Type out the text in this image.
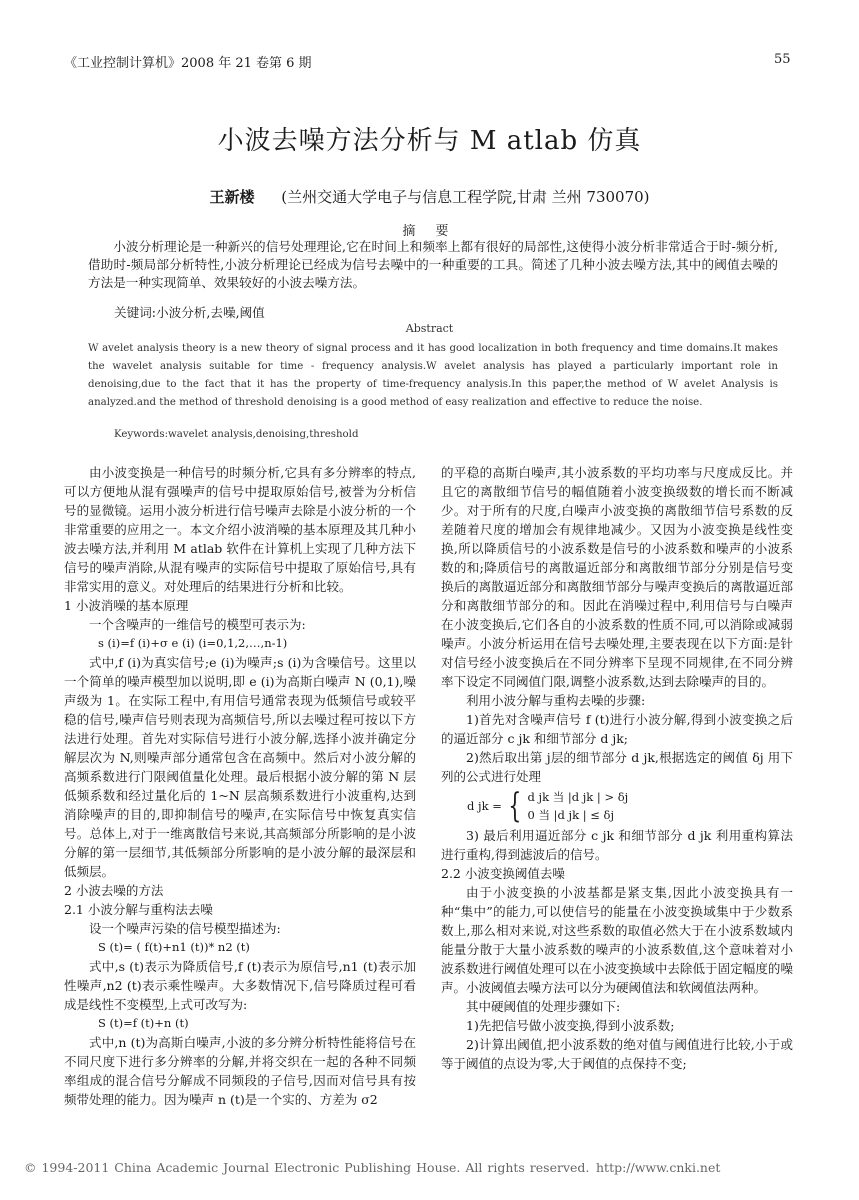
《工业控制计算机》2008 年 21 卷第 6 期	55
小波去噪方法分析与 M atlab 仿真
王新楼 (兰州交通大学电子与信息工程学院,甘肃 兰州 730070)
摘 要
小波分析理论是一种新兴的信号处理理论,它在时间上和频率上都有很好的局部性,这使得小波分析非常适合于时-频分析,借助时-频局部分析特性,小波分析理论已经成为信号去噪中的一种重要的工具。简述了几种小波去噪方法,其中的阈值去噪的方法是一种实现简单、效果较好的小波去噪方法。
关键词:小波分析,去噪,阈值
Abstract
W avelet analysis theory is a new theory of signal process and it has good localization in both frequency and time domains.It makes the wavelet analysis suitable for time - frequency analysis.W avelet analysis has played a particularly important role in denoising,due to the fact that it has the property of time-frequency analysis.In this paper,the method of W avelet Analysis is analyzed.and the method of threshold denoising is a good method of easy realization and effective to reduce the noise.
Keywords:wavelet analysis,denoising,threshold

由小波变换是一种信号的时频分析,它具有多分辨率的特点,可以方便地从混有强噪声的信号中提取原始信号,被誉为分析信号的显微镜。运用小波分析进行信号噪声去除是小波分析的一个非常重要的应用之一。本文介绍小波消噪的基本原理及其几种小波去噪方法,并利用 M atlab 软件在计算机上实现了几种方法下信号的噪声消除,从混有噪声的实际信号中提取了原始信号,具有非常实用的意义。对处理后的结果进行分析和比较。

1 小波消噪的基本原理

一个含噪声的一维信号的模型可表示为:

s (i)=f (i)+σ e (i) (i=0,1,2,…,n-1)

式中,f (i)为真实信号;e (i)为噪声;s (i)为含噪信号。这里以一个简单的噪声模型加以说明,即 e (i)为高斯白噪声 N (0,1),噪声级为 1。在实际工程中,有用信号通常表现为低频信号或较平稳的信号,噪声信号则表现为高频信号,所以去噪过程可按以下方法进行处理。首先对实际信号进行小波分解,选择小波并确定分解层次为 N,则噪声部分通常包含在高频中。然后对小波分解的高频系数进行门限阈值量化处理。最后根据小波分解的第 N 层低频系数和经过量化后的 1~N 层高频系数进行小波重构,达到消除噪声的目的,即抑制信号的噪声,在实际信号中恢复真实信号。总体上,对于一维离散信号来说,其高频部分所影响的是小波分解的第一层细节,其低频部分所影响的是小波分解的最深层和低频层。

2 小波去噪的方法

2.1 小波分解与重构法去噪

设一个噪声污染的信号模型描述为:

S (t)= ( f(t)+n1 (t))* n2 (t)

式中,s (t)表示为降质信号,f (t)表示为原信号,n1 (t)表示加性噪声,n2 (t)表示乘性噪声。大多数情况下,信号降质过程可看成是线性不变模型,上式可改写为:

S (t)=f (t)+n (t)

式中,n (t)为高斯白噪声,小波的多分辨分析特性能将信号在不同尺度下进行多分辨率的分解,并将交织在一起的各种不同频率组成的混合信号分解成不同频段的子信号,因而对信号具有按频带处理的能力。因为噪声 n (t)是一个实的、方差为 σ2

的平稳的高斯白噪声,其小波系数的平均功率与尺度成反比。并且它的离散细节信号的幅值随着小波变换级数的增长而不断减少。对于所有的尺度,白噪声小波变换的离散细节信号系数的反差随着尺度的增加会有规律地减少。又因为小波变换是线性变换,所以降质信号的小波系数是信号的小波系数和噪声的小波系数的和;降质信号的离散逼近部分和离散细节部分分别是信号变换后的离散逼近部分和离散细节部分与噪声变换后的离散逼近部分和离散细节部分的和。因此在消噪过程中,利用信号与白噪声在小波变换后,它们各自的小波系数的性质不同,可以消除或减弱噪声。小波分析运用在信号去噪处理,主要表现在以下方面:是针对信号经小波变换后在不同分辨率下呈现不同规律,在不同分辨率下设定不同阈值门限,调整小波系数,达到去除噪声的目的。

利用小波分解与重构去噪的步骤:

1)首先对含噪声信号 f (t)进行小波分解,得到小波变换之后的逼近部分 c jk 和细节部分 d jk;

2)然后取出第 j层的细节部分 d jk,根据选定的阈值 δj 用下列的公式进行处理

d jk = { d jk 当 |d jk | > δj
0 当 |d jk | ≤ δj

3) 最后利用逼近部分 c jk 和细节部分 d jk 利用重构算法进行重构,得到滤波后的信号。

2.2 小波变换阈值去噪

由于小波变换的小波基都是紧支集,因此小波变换具有一种“集中”的能力,可以使信号的能量在小波变换域集中于少数系数上,那么相对来说,对这些系数的取值必然大于在小波系数域内能量分散于大量小波系数的噪声的小波系数值,这个意味着对小波系数进行阈值处理可以在小波变换域中去除低于固定幅度的噪声。小波阈值去噪方法可以分为硬阈值法和软阈值法两种。

其中硬阈值的处理步骤如下:

1)先把信号做小波变换,得到小波系数;

2)计算出阈值,把小波系数的绝对值与阈值进行比较,小于或等于阈值的点设为零,大于阈值的点保持不变;

© 1994-2011 China Academic Journal Electronic Publishing House. All rights reserved. http://www.cnki.net
